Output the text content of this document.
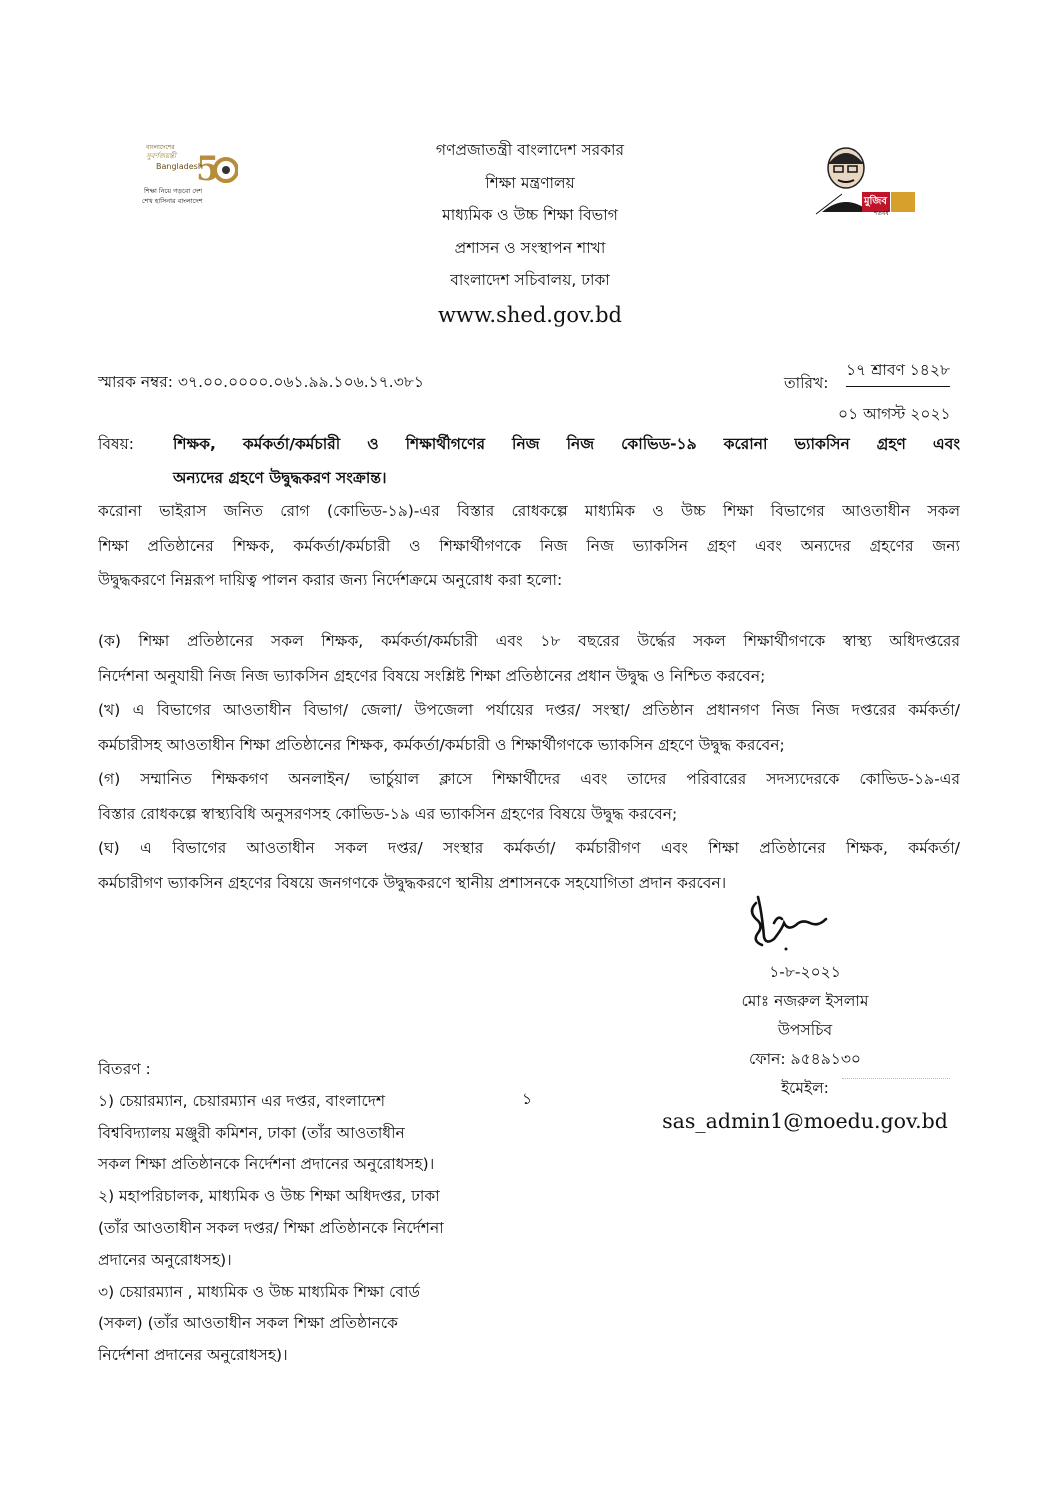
বাংলাদেশের
সুবর্ণজয়ন্তী 5
Bangladesh
শিক্ষা নিয়ে গড়বো দেশ
শেখ হাসিনার বাংলাদেশ
গণপ্রজাতন্ত্রী বাংলাদেশ সরকার
শিক্ষা মন্ত্রণালয়
মাধ্যমিক ও উচ্চ শিক্ষা বিভাগ
প্রশাসন ও সংস্থাপন শাখা
বাংলাদেশ সচিবালয়, ঢাকা
www.shed.gov.bd
মুজিব
শতবর্ষ
স্মারক নম্বর: ৩৭.০০.০০০০.০৬১.৯৯.১০৬.১৭.৩৮১	তারিখ:
১৭ শ্রাবণ ১৪২৮
০১ আগস্ট ২০২১
বিষয়:	শিক্ষক, কর্মকর্তা/কর্মচারী ও শিক্ষার্থীগণের নিজ নিজ কোভিড-১৯ করোনা ভ্যাকসিন গ্রহণ এবং
অন্যদের গ্রহণে উদ্বুদ্ধকরণ সংক্রান্ত।
করোনা ভাইরাস জনিত রোগ (কোভিড-১৯)-এর বিস্তার রোধকল্পে মাধ্যমিক ও উচ্চ শিক্ষা বিভাগের আওতাধীন সকল
শিক্ষা প্রতিষ্ঠানের শিক্ষক, কর্মকর্তা/কর্মচারী ও শিক্ষার্থীগণকে নিজ নিজ ভ্যাকসিন গ্রহণ এবং অন্যদের গ্রহণের জন্য
উদ্বুদ্ধকরণে নিম্নরূপ দায়িত্ব পালন করার জন্য নির্দেশক্রমে অনুরোধ করা হলো:
(ক) শিক্ষা প্রতিষ্ঠানের সকল শিক্ষক, কর্মকর্তা/কর্মচারী এবং ১৮ বছরের উর্দ্ধের সকল শিক্ষার্থীগণকে স্বাস্থ্য অধিদপ্তরের
নির্দেশনা অনুযায়ী নিজ নিজ ভ্যাকসিন গ্রহণের বিষয়ে সংশ্লিষ্ট শিক্ষা প্রতিষ্ঠানের প্রধান উদ্বুদ্ধ ও নিশ্চিত করবেন;
(খ) এ বিভাগের আওতাধীন বিভাগ/ জেলা/ উপজেলা পর্যায়ের দপ্তর/ সংস্থা/ প্রতিষ্ঠান প্রধানগণ নিজ নিজ দপ্তরের কর্মকর্তা/
কর্মচারীসহ আওতাধীন শিক্ষা প্রতিষ্ঠানের শিক্ষক, কর্মকর্তা/কর্মচারী ও শিক্ষার্থীগণকে ভ্যাকসিন গ্রহণে উদ্বুদ্ধ করবেন;
(গ) সম্মানিত শিক্ষকগণ অনলাইন/ ভার্চুয়াল ক্লাসে শিক্ষার্থীদের এবং তাদের পরিবারের সদস্যদেরকে কোভিড-১৯-এর
বিস্তার রোধকল্পে স্বাস্থ্যবিধি অনুসরণসহ কোভিড-১৯ এর ভ্যাকসিন গ্রহণের বিষয়ে উদ্বুদ্ধ করবেন;
(ঘ) এ বিভাগের আওতাধীন সকল দপ্তর/ সংস্থার কর্মকর্তা/ কর্মচারীগণ এবং শিক্ষা প্রতিষ্ঠানের শিক্ষক, কর্মকর্তা/
কর্মচারীগণ ভ্যাকসিন গ্রহণের বিষয়ে জনগণকে উদ্বুদ্ধকরণে স্থানীয় প্রশাসনকে সহযোগিতা প্রদান করবেন।
১-৮-২০২১
মোঃ নজরুল ইসলাম
উপসচিব
ফোন: ৯৫৪৯১৩০
ইমেইল:
sas_admin1@moedu.gov.bd
বিতরণ :
১) চেয়ারম্যান, চেয়ারম্যান এর দপ্তর, বাংলাদেশ
বিশ্ববিদ্যালয় মঞ্জুরী কমিশন, ঢাকা (তাঁর আওতাধীন
সকল শিক্ষা প্রতিষ্ঠানকে নির্দেশনা প্রদানের অনুরোধসহ)।
২) মহাপরিচালক, মাধ্যমিক ও উচ্চ শিক্ষা অধিদপ্তর, ঢাকা
(তাঁর আওতাধীন সকল দপ্তর/ শিক্ষা প্রতিষ্ঠানকে নির্দেশনা
প্রদানের অনুরোধসহ)।
৩) চেয়ারম্যান , মাধ্যমিক ও উচ্চ মাধ্যমিক শিক্ষা বোর্ড
(সকল) (তাঁর আওতাধীন সকল শিক্ষা প্রতিষ্ঠানকে
নির্দেশনা প্রদানের অনুরোধসহ)।
১
